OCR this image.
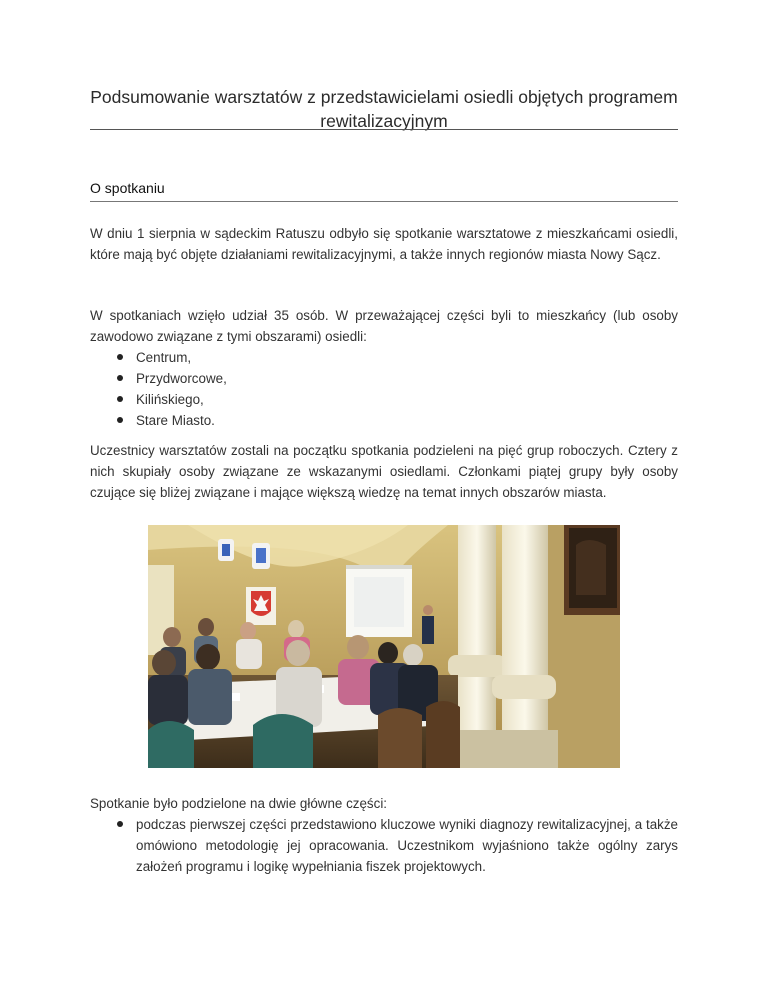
Podsumowanie warsztatów z przedstawicielami osiedli objętych programem rewitalizacyjnym
O spotkaniu

W dniu 1 sierpnia w sądeckim Ratuszu odbyło się spotkanie warsztatowe z mieszkańcami osiedli, które mają być objęte działaniami rewitalizacyjnymi, a także innych regionów miasta Nowy Sącz.

W spotkaniach wzięło udział 35 osób. W przeważającej części byli to mieszkańcy (lub osoby zawodowo związane z tymi obszarami) osiedli:

Centrum,
Przydworcowe,
Kilińskiego,
Stare Miasto.

Uczestnicy warsztatów zostali na początku spotkania podzieleni na pięć grup roboczych. Cztery z nich skupiały osoby związane ze wskazanymi osiedlami. Członkami piątej grupy były osoby czujące się bliżej związane i mające większą wiedzę na temat innych obszarów miasta.

Spotkanie było podzielone na dwie główne części:

podczas pierwszej części przedstawiono kluczowe wyniki diagnozy rewitalizacyjnej, a także omówiono metodologię jej opracowania. Uczestnikom wyjaśniono także ogólny zarys założeń programu i logikę wypełniania fiszek projektowych.
